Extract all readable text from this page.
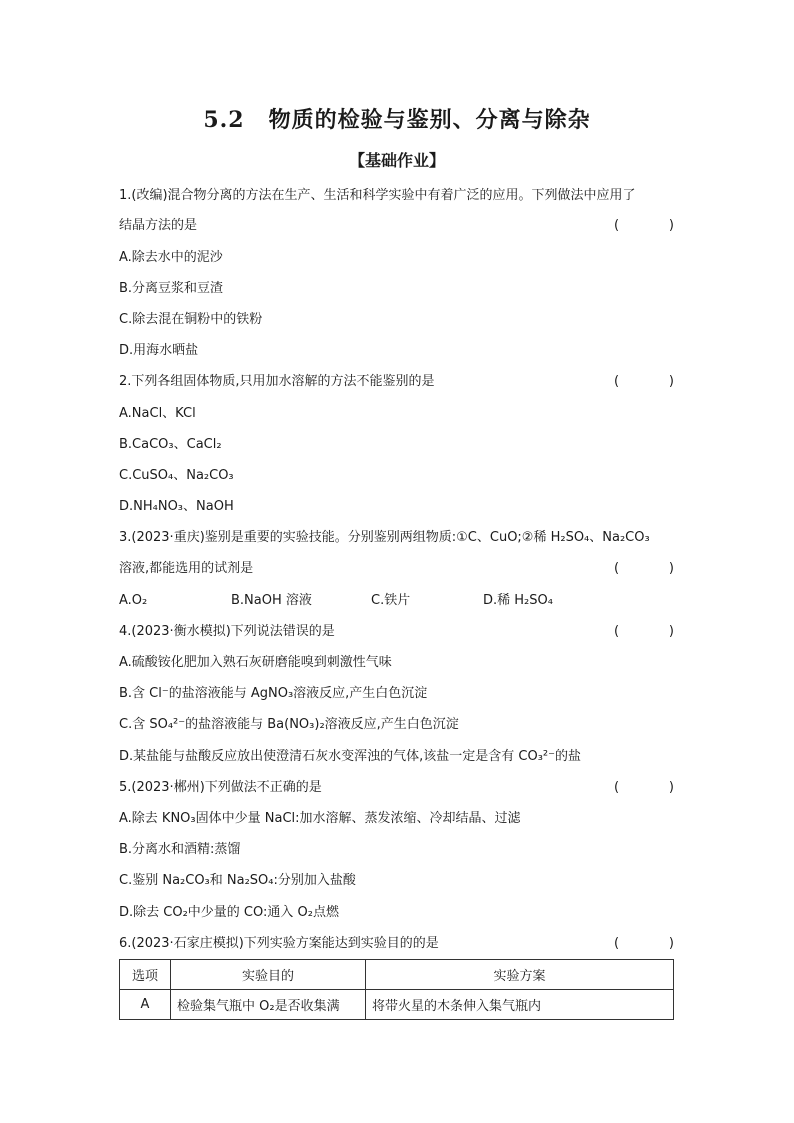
5.2 物质的检验与鉴别、分离与除杂
【基础作业】
1.(改编)混合物分离的方法在生产、生活和科学实验中有着广泛的应用。下列做法中应用了
结晶方法的是	(	)
A.除去水中的泥沙
B.分离豆浆和豆渣
C.除去混在铜粉中的铁粉
D.用海水晒盐
2.下列各组固体物质,只用加水溶解的方法不能鉴别的是	(	)
A.NaCl、KCl
B.CaCO₃、CaCl₂
C.CuSO₄、Na₂CO₃
D.NH₄NO₃、NaOH
3.(2023·重庆)鉴别是重要的实验技能。分别鉴别两组物质:①C、CuO;②稀 H₂SO₄、Na₂CO₃
溶液,都能选用的试剂是	(	)
A.O₂	B.NaOH 溶液	C.铁片	D.稀 H₂SO₄
4.(2023·衡水模拟)下列说法错误的是	(	)
A.硫酸铵化肥加入熟石灰研磨能嗅到刺激性气味
B.含 Cl⁻的盐溶液能与 AgNO₃溶液反应,产生白色沉淀
C.含 SO₄²⁻的盐溶液能与 Ba(NO₃)₂溶液反应,产生白色沉淀
D.某盐能与盐酸反应放出使澄清石灰水变浑浊的气体,该盐一定是含有 CO₃²⁻的盐
5.(2023·郴州)下列做法不正确的是	(	)
A.除去 KNO₃固体中少量 NaCl:加水溶解、蒸发浓缩、冷却结晶、过滤
B.分离水和酒精:蒸馏
C.鉴别 Na₂CO₃和 Na₂SO₄:分别加入盐酸
D.除去 CO₂中少量的 CO:通入 O₂点燃
6.(2023·石家庄模拟)下列实验方案能达到实验目的的是	(	)
选项	实验目的	实验方案
A	检验集气瓶中 O₂是否收集满	将带火星的木条伸入集气瓶内
